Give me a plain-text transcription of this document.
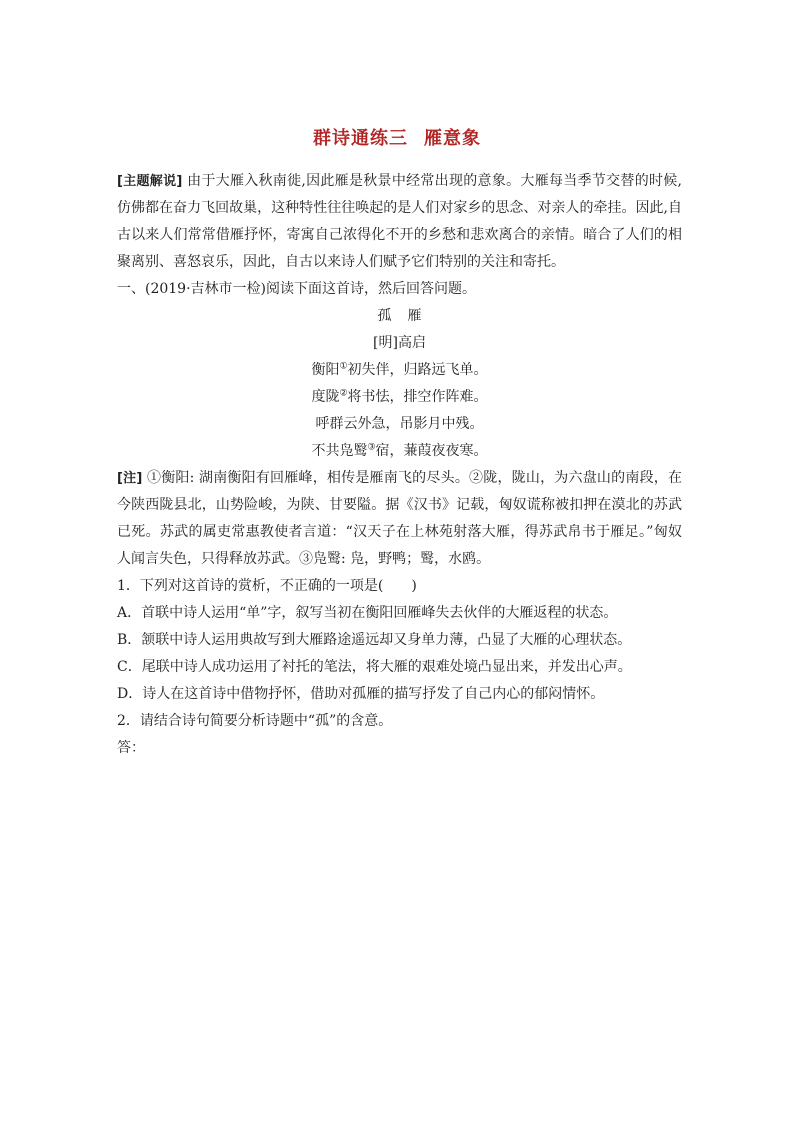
群诗通练三 雁意象

[主题解说] 由于大雁入秋南徙,因此雁是秋景中经常出现的意象。大雁每当季节交替的时候,仿佛都在奋力飞回故巢，这种特性往往唤起的是人们对家乡的思念、对亲人的牵挂。因此,自古以来人们常常借雁抒怀，寄寓自己浓得化不开的乡愁和悲欢离合的亲情。暗合了人们的相聚离别、喜怒哀乐，因此，自古以来诗人们赋予它们特别的关注和寄托。

一、(2019·吉林市一检)阅读下面这首诗，然后回答问题。

孤 雁
[明]高启
衡阳①初失伴，归路远飞单。
度陇②将书怯，排空作阵难。
呼群云外急，吊影月中残。
不共凫鹥③宿，蒹葭夜夜寒。

[注] ①衡阳: 湖南衡阳有回雁峰，相传是雁南飞的尽头。②陇，陇山，为六盘山的南段，在今陕西陇县北，山势险峻，为陕、甘要隘。据《汉书》记载，匈奴谎称被扣押在漠北的苏武已死。苏武的属吏常惠教使者言道：“汉天子在上林苑射落大雁，得苏武帛书于雁足。”匈奴人闻言失色，只得释放苏武。③凫鹥: 凫，野鸭；鹥，水鸥。

1．下列对这首诗的赏析，不正确的一项是(　　)
A．首联中诗人运用“单”字，叙写当初在衡阳回雁峰失去伙伴的大雁返程的状态。
B．颔联中诗人运用典故写到大雁路途遥远却又身单力薄，凸显了大雁的心理状态。
C．尾联中诗人成功运用了衬托的笔法，将大雁的艰难处境凸显出来，并发出心声。
D．诗人在这首诗中借物抒怀，借助对孤雁的描写抒发了自己内心的郁闷情怀。
2．请结合诗句简要分析诗题中“孤”的含意。
答：
